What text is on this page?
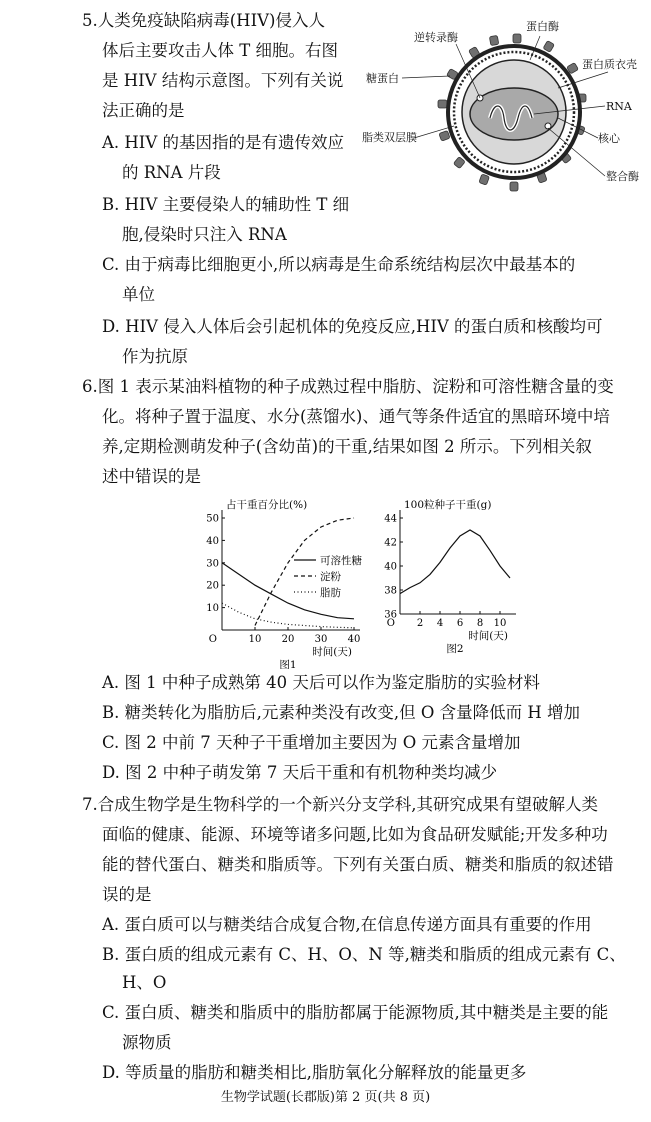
5.人类免疫缺陷病毒(HIV)侵入人
体后主要攻击人体 T 细胞。右图
是 HIV 结构示意图。下列有关说
法正确的是
A. HIV 的基因指的是有遗传效应
的 RNA 片段
B. HIV 主要侵染人的辅助性 T 细
胞,侵染时只注入 RNA
C. 由于病毒比细胞更小,所以病毒是生命系统结构层次中最基本的
单位
D. HIV 侵入人体后会引起机体的免疫反应,HIV 的蛋白质和核酸均可
作为抗原
逆转录酶
蛋白酶
糖蛋白
蛋白质衣壳
RNA
脂类双层膜	核心
整合酶
6.图 1 表示某油料植物的种子成熟过程中脂肪、淀粉和可溶性糖含量的变
化。将种子置于温度、水分(蒸馏水)、通气等条件适宜的黑暗环境中培
养,定期检测萌发种子(含幼苗)的干重,结果如图 2 所示。下列相关叙
述中错误的是
10
20
30
40
50
10 20 30 40
O
占干重百分比(%)
时间(天)
图1
可溶性糖
淀粉
脂肪
36
38
40
42
44
2 4 6 8 10
O
100粒种子干重(g)
时间(天)
图2
A. 图 1 中种子成熟第 40 天后可以作为鉴定脂肪的实验材料
B. 糖类转化为脂肪后,元素种类没有改变,但 O 含量降低而 H 增加
C. 图 2 中前 7 天种子干重增加主要因为 O 元素含量增加
D. 图 2 中种子萌发第 7 天后干重和有机物种类均减少
7.合成生物学是生物科学的一个新兴分支学科,其研究成果有望破解人类
面临的健康、能源、环境等诸多问题,比如为食品研发赋能;开发多种功
能的替代蛋白、糖类和脂质等。下列有关蛋白质、糖类和脂质的叙述错
误的是
A. 蛋白质可以与糖类结合成复合物,在信息传递方面具有重要的作用
B. 蛋白质的组成元素有 C、H、O、N 等,糖类和脂质的组成元素有 C、
H、O
C. 蛋白质、糖类和脂质中的脂肪都属于能源物质,其中糖类是主要的能
源物质
D. 等质量的脂肪和糖类相比,脂肪氧化分解释放的能量更多
生物学试题(长郡版)第 2 页(共 8 页)
